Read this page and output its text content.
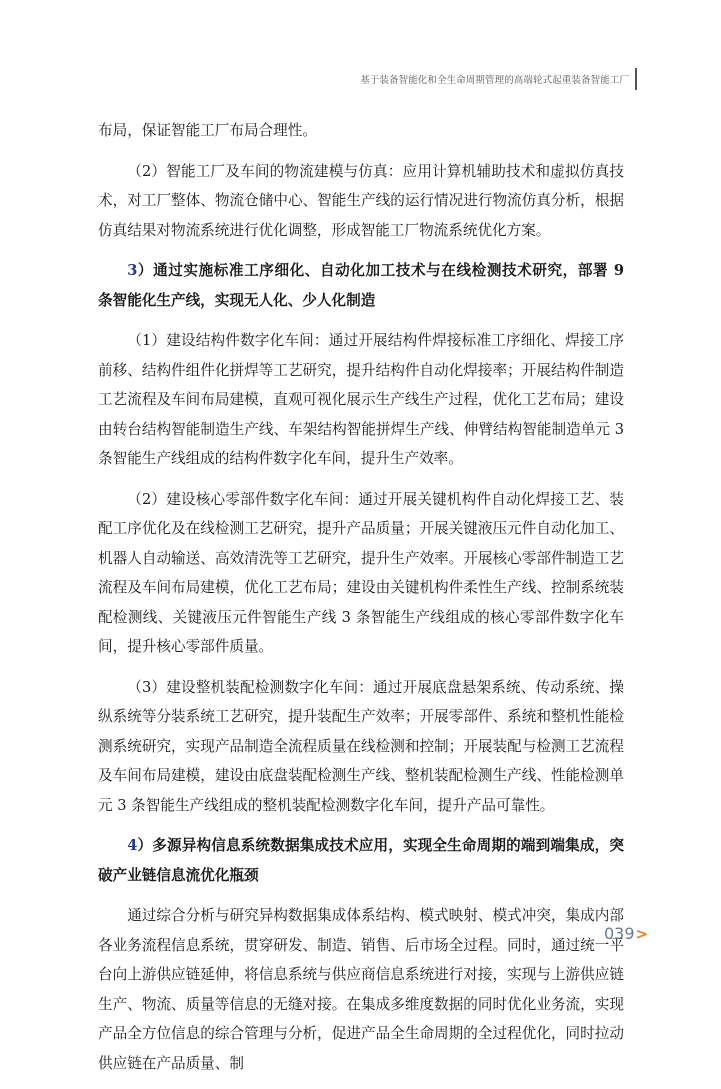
基于装备智能化和全生命周期管理的高端轮式起重装备智能工厂

布局，保证智能工厂布局合理性。

（2）智能工厂及车间的物流建模与仿真：应用计算机辅助技术和虚拟仿真技术，对工厂整体、物流仓储中心、智能生产线的运行情况进行物流仿真分析，根据仿真结果对物流系统进行优化调整，形成智能工厂物流系统优化方案。

3）通过实施标准工序细化、自动化加工技术与在线检测技术研究，部署 9 条智能化生产线，实现无人化、少人化制造

（1）建设结构件数字化车间：通过开展结构件焊接标准工序细化、焊接工序前移、结构件组件化拼焊等工艺研究，提升结构件自动化焊接率；开展结构件制造工艺流程及车间布局建模，直观可视化展示生产线生产过程，优化工艺布局；建设由转台结构智能制造生产线、车架结构智能拼焊生产线、伸臂结构智能制造单元 3 条智能生产线组成的结构件数字化车间，提升生产效率。

（2）建设核心零部件数字化车间：通过开展关键机构件自动化焊接工艺、装配工序优化及在线检测工艺研究，提升产品质量；开展关键液压元件自动化加工、机器人自动输送、高效清洗等工艺研究，提升生产效率。开展核心零部件制造工艺流程及车间布局建模，优化工艺布局；建设由关键机构件柔性生产线、控制系统装配检测线、关键液压元件智能生产线 3 条智能生产线组成的核心零部件数字化车间，提升核心零部件质量。

（3）建设整机装配检测数字化车间：通过开展底盘悬架系统、传动系统、操纵系统等分装系统工艺研究，提升装配生产效率；开展零部件、系统和整机性能检测系统研究，实现产品制造全流程质量在线检测和控制；开展装配与检测工艺流程及车间布局建模，建设由底盘装配检测生产线、整机装配检测生产线、性能检测单元 3 条智能生产线组成的整机装配检测数字化车间，提升产品可靠性。

4）多源异构信息系统数据集成技术应用，实现全生命周期的端到端集成，突破产业链信息流优化瓶颈

通过综合分析与研究异构数据集成体系结构、模式映射、模式冲突，集成内部各业务流程信息系统，贯穿研发、制造、销售、后市场全过程。同时，通过统一平台向上游供应链延伸，将信息系统与供应商信息系统进行对接，实现与上游供应链生产、物流、质量等信息的无缝对接。在集成多维度数据的同时优化业务流，实现产品全方位信息的综合管理与分析，促进产品全生命周期的全过程优化，同时拉动供应链在产品质量、制

039 >
